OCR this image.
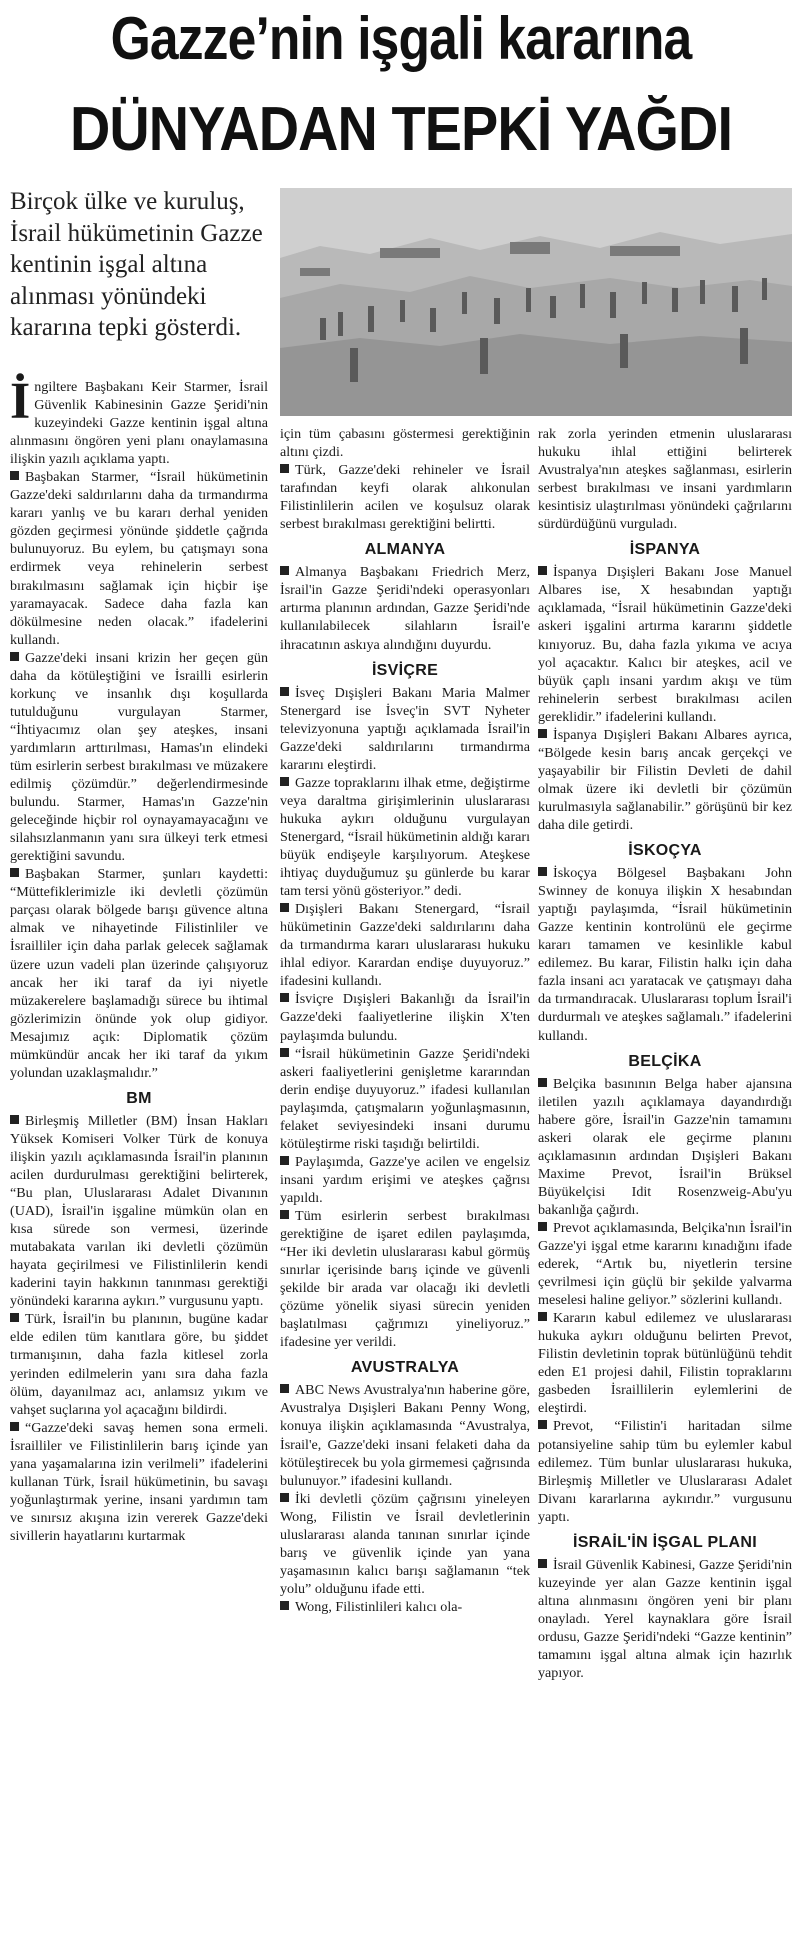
Gazze’nin işgali kararına
DÜNYADAN TEPKİ YAĞDI

Birçok ülke ve kuruluş, İsrail hükümetinin Gazze kentinin işgal altına alınması yönündeki kararına tepki gösterdi.

İngiltere Başbakanı Keir Starmer, İsrail Güvenlik Kabinesinin Gazze Şeridi'nin kuzeyindeki Gazze kentinin işgal altına alınmasını öngören yeni planı onaylamasına ilişkin yazılı açıklama yaptı.

Başbakan Starmer, “İsrail hükümetinin Gazze'deki saldırılarını daha da tırmandırma kararı yanlış ve bu kararı derhal yeniden gözden geçirmesi yönünde şiddetle çağrıda bulunuyoruz. Bu eylem, bu çatışmayı sona erdirmek veya rehinelerin serbest bırakılmasını sağlamak için hiçbir işe yaramayacak. Sadece daha fazla kan dökülmesine neden olacak.” ifadelerini kullandı.

Gazze'deki insani krizin her geçen gün daha da kötüleştiğini ve İsrailli esirlerin korkunç ve insanlık dışı koşullarda tutulduğunu vurgulayan Starmer, “İhtiyacımız olan şey ateşkes, insani yardımların arttırılması, Hamas'ın elindeki tüm esirlerin serbest bırakılması ve müzakere edilmiş çözümdür.” değerlendirmesinde bulundu. Starmer, Hamas'ın Gazze'nin geleceğinde hiçbir rol oynayamayacağını ve silahsızlanmanın yanı sıra ülkeyi terk etmesi gerektiğini savundu.

Başbakan Starmer, şunları kaydetti: “Müttefiklerimizle iki devletli çözümün parçası olarak bölgede barışı güvence altına almak ve nihayetinde Filistinliler ve İsrailliler için daha parlak gelecek sağlamak üzere uzun vadeli plan üzerinde çalışıyoruz ancak her iki taraf da iyi niyetle müzakerelere başlamadığı sürece bu ihtimal gözlerimizin önünde yok olup gidiyor. Mesajımız açık: Diplomatik çözüm mümkündür ancak her iki taraf da yıkım yolundan uzaklaşmalıdır.”

BM

Birleşmiş Milletler (BM) İnsan Hakları Yüksek Komiseri Volker Türk de konuya ilişkin yazılı açıklamasında İsrail'in planının acilen durdurulması gerektiğini belirterek, “Bu plan, Uluslararası Adalet Divanının (UAD), İsrail'in işgaline mümkün olan en kısa sürede son vermesi, üzerinde mutabakata varılan iki devletli çözümün hayata geçirilmesi ve Filistinlilerin kendi kaderini tayin hakkının tanınması gerektiği yönündeki kararına aykırı.” vurgusunu yaptı.

Türk, İsrail'in bu planının, bugüne kadar elde edilen tüm kanıtlara göre, bu şiddet tırmanışının, daha fazla kitlesel zorla yerinden edilmelerin yanı sıra daha fazla ölüm, dayanılmaz acı, anlamsız yıkım ve vahşet suçlarına yol açacağını bildirdi.

“Gazze'deki savaş hemen sona ermeli. İsrailliler ve Filistinlilerin barış içinde yan yana yaşamalarına izin verilmeli” ifadelerini kullanan Türk, İsrail hükümetinin, bu savaşı yoğunlaştırmak yerine, insani yardımın tam ve sınırsız akışına izin vererek Gazze'deki sivillerin hayatlarını kurtarmak

için tüm çabasını göstermesi gerektiğinin altını çizdi.

Türk, Gazze'deki rehineler ve İsrail tarafından keyfi olarak alıkonulan Filistinlilerin acilen ve koşulsuz olarak serbest bırakılması gerektiğini belirtti.

ALMANYA

Almanya Başbakanı Friedrich Merz, İsrail'in Gazze Şeridi'ndeki operasyonları artırma planının ardından, Gazze Şeridi'nde kullanılabilecek silahların İsrail'e ihracatının askıya alındığını duyurdu.

İSVİÇRE

İsveç Dışişleri Bakanı Maria Malmer Stenergard ise İsveç'in SVT Nyheter televizyonuna yaptığı açıklamada İsrail'in Gazze'deki saldırılarını tırmandırma kararını eleştirdi.

Gazze topraklarını ilhak etme, değiştirme veya daraltma girişimlerinin uluslararası hukuka aykırı olduğunu vurgulayan Stenergard, “İsrail hükümetinin aldığı kararı büyük endişeyle karşılıyorum. Ateşkese ihtiyaç duyduğumuz şu günlerde bu karar tam tersi yönü gösteriyor.” dedi.

Dışişleri Bakanı Stenergard, “İsrail hükümetinin Gazze'deki saldırılarını daha da tırmandırma kararı uluslararası hukuku ihlal ediyor. Karardan endişe duyuyoruz.” ifadesini kullandı.

İsviçre Dışişleri Bakanlığı da İsrail'in Gazze'deki faaliyetlerine ilişkin X'ten paylaşımda bulundu.

“İsrail hükümetinin Gazze Şeridi'ndeki askeri faaliyetlerini genişletme kararından derin endişe duyuyoruz.” ifadesi kullanılan paylaşımda, çatışmaların yoğunlaşmasının, felaket seviyesindeki insani durumu kötüleştirme riski taşıdığı belirtildi.

Paylaşımda, Gazze'ye acilen ve engelsiz insani yardım erişimi ve ateşkes çağrısı yapıldı.

Tüm esirlerin serbest bırakılması gerektiğine de işaret edilen paylaşımda, “Her iki devletin uluslararası kabul görmüş sınırlar içerisinde barış içinde ve güvenli şekilde bir arada var olacağı iki devletli çözüme yönelik siyasi sürecin yeniden başlatılması çağrımızı yineliyoruz.” ifadesine yer verildi.

AVUSTRALYA

ABC News Avustralya'nın haberine göre, Avustralya Dışişleri Bakanı Penny Wong, konuya ilişkin açıklamasında “Avustralya, İsrail'e, Gazze'deki insani felaketi daha da kötüleştirecek bu yola girmemesi çağrısında bulunuyor.” ifadesini kullandı.

İki devletli çözüm çağrısını yineleyen Wong, Filistin ve İsrail devletlerinin uluslararası alanda tanınan sınırlar içinde barış ve güvenlik içinde yan yana yaşamasının kalıcı barışı sağlamanın “tek yolu” olduğunu ifade etti.

Wong, Filistinlileri kalıcı ola-

rak zorla yerinden etmenin uluslararası hukuku ihlal ettiğini belirterek Avustralya'nın ateşkes sağlanması, esirlerin serbest bırakılması ve insani yardımların kesintisiz ulaştırılması yönündeki çağrılarını sürdürdüğünü vurguladı.

İSPANYA

İspanya Dışişleri Bakanı Jose Manuel Albares ise, X hesabından yaptığı açıklamada, “İsrail hükümetinin Gazze'deki askeri işgalini artırma kararını şiddetle kınıyoruz. Bu, daha fazla yıkıma ve acıya yol açacaktır. Kalıcı bir ateşkes, acil ve büyük çaplı insani yardım akışı ve tüm rehinelerin serbest bırakılması acilen gereklidir.” ifadelerini kullandı.

İspanya Dışişleri Bakanı Albares ayrıca, “Bölgede kesin barış ancak gerçekçi ve yaşayabilir bir Filistin Devleti de dahil olmak üzere iki devletli bir çözümün kurulmasıyla sağlanabilir.” görüşünü bir kez daha dile getirdi.

İSKOÇYA

İskoçya Bölgesel Başbakanı John Swinney de konuya ilişkin X hesabından yaptığı paylaşımda, “İsrail hükümetinin Gazze kentinin kontrolünü ele geçirme kararı tamamen ve kesinlikle kabul edilemez. Bu karar, Filistin halkı için daha fazla insani acı yaratacak ve çatışmayı daha da tırmandıracak. Uluslararası toplum İsrail'i durdurmalı ve ateşkes sağlamalı.” ifadelerini kullandı.

BELÇİKA

Belçika basınının Belga haber ajansına iletilen yazılı açıklamaya dayandırdığı habere göre, İsrail'in Gazze'nin tamamını askeri olarak ele geçirme planını açıklamasının ardından Dışişleri Bakanı Maxime Prevot, İsrail'in Brüksel Büyükelçisi Idit Rosenzweig-Abu'yu bakanlığa çağırdı.

Prevot açıklamasında, Belçika'nın İsrail'in Gazze'yi işgal etme kararını kınadığını ifade ederek, “Artık bu, niyetlerin tersine çevrilmesi için güçlü bir şekilde yalvarma meselesi haline geliyor.” sözlerini kullandı.

Kararın kabul edilemez ve uluslararası hukuka aykırı olduğunu belirten Prevot, Filistin devletinin toprak bütünlüğünü tehdit eden E1 projesi dahil, Filistin topraklarını gasbeden İsraillilerin eylemlerini de eleştirdi.

Prevot, “Filistin'i haritadan silme potansiyeline sahip tüm bu eylemler kabul edilemez. Tüm bunlar uluslararası hukuka, Birleşmiş Milletler ve Uluslararası Adalet Divanı kararlarına aykırıdır.” vurgusunu yaptı.

İSRAİL'İN İŞGAL PLANI

İsrail Güvenlik Kabinesi, Gazze Şeridi'nin kuzeyinde yer alan Gazze kentinin işgal altına alınmasını öngören yeni bir planı onayladı. Yerel kaynaklara göre İsrail ordusu, Gazze Şeridi'ndeki “Gazze kentinin” tamamını işgal altına almak için hazırlık yapıyor.
